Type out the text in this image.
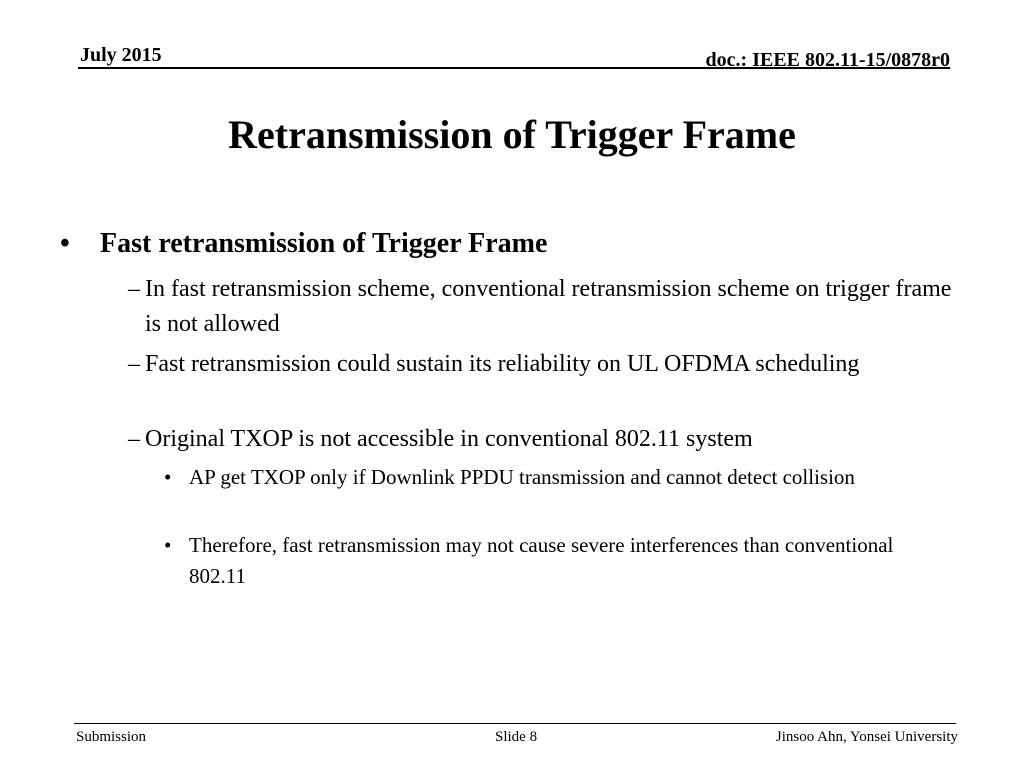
July 2015	doc.: IEEE 802.11-15/0878r0
Retransmission of Trigger Frame
•	Fast retransmission of Trigger Frame
– In fast retransmission scheme, conventional retransmission scheme on trigger frame is not allowed
– Fast retransmission could sustain its reliability on UL OFDMA scheduling
– Original TXOP is not accessible in conventional 802.11 system
• AP get TXOP only if Downlink PPDU transmission and cannot detect collision
• Therefore, fast retransmission may not cause severe interferences than conventional 802.11
Submission	Slide 8	Jinsoo Ahn, Yonsei University
